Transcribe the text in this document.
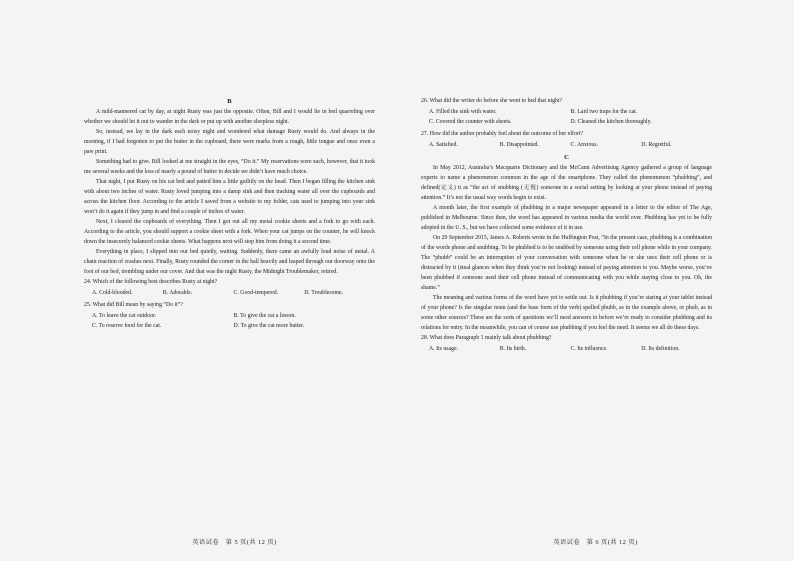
B

A mild-mannered cat by day, at night Rusty was just the opposite. Often, Bill and I would lie in bed quarreling over whether we should let it out to wander in the dark or put up with another sleepless night.

So, instead, we lay in the dark each noisy night and wondered what damage Rusty would do. And always in the morning, if I had forgotten to put the butter in the cupboard, there were marks from a rough, little tongue and once even a paw print.

Something had to give. Bill looked at me straight in the eyes, “Do it.” My reservations were such, however, that it took me several weeks and the loss of nearly a pound of butter to decide we didn’t have much choice.

That night, I put Rusty on his cat bed and patted him a little guiltily on the head. Then I began filling the kitchen sink with about two inches of water. Rusty loved jumping into a damp sink and then tracking water all over the cupboards and across the kitchen floor. According to the article I saved from a website to my folder, cats used to jumping into your sink won’t do it again if they jump in and find a couple of inches of water.

Next, I cleared the cupboards of everything. Then I got out all my metal cookie sheets and a fork to go with each. According to the article, you should support a cookie sheet with a fork. When your cat jumps on the counter, he will knock down the insecurely balanced cookie sheets. What happens next will stop him from doing it a second time.

Everything in place, I slipped into our bed quietly, waiting. Suddenly, there came an awfully loud noise of metal. A chain reaction of crashes next. Finally, Rusty rounded the corner in the hall heavily and leaped through our doorway onto the foot of our bed, trembling under our cover. And that was the night Rusty, the Midnight Troublemaker, retired.

24. Which of the following best describes Rusty at night?

A. Cold-blooded.	B. Adorable.	C. Good-tempered.	D. Troublesome.

25. What did Bill mean by saying “Do it”?

A. To leave the cat outdoor.	B. To give the cat a lesson.
C. To reserve food for the cat.	D. To give the cat more butter.
英语试卷　第 5 页(共 12 页)

26. What did the writer do before she went to bed that night?

A. Filled the sink with water.	B. Laid two traps for the cat.
C. Covered the counter with sheets.	D. Cleaned the kitchen thoroughly.

27. How did the author probably feel about the outcome of her effort?

A. Satisfied.	B. Disappointed.	C. Anxious.	D. Regretful.

C

In May 2012, Australia’s Macquarie Dictionary and the McCann Advertising Agency gathered a group of language experts to name a phenomenon common in the age of the smartphone. They called the phenomenon “phubbing”, and defined(定义) it as “the act of snubbing (无视) someone in a social setting by looking at your phone instead of paying attention.” It’s not the usual way words begin to exist.

A month later, the first example of phubbing in a major newspaper appeared in a letter to the editor of The Age, published in Melbourne. Since then, the word has appeared in various media the world over. Phubbing has yet to be fully adopted in the U. S., but we have collected some evidence of it in use.

On 29 September 2015, James A. Roberts wrote in the Huffington Post, “In the present case, phubbing is a combination of the words phone and snubbing. To be phubbed is to be snubbed by someone using their cell phone while in your company. The “phubb” could be an interruption of your conversation with someone when he or she uses their cell phone or is distracted by it (steal glances when they think you’re not looking) instead of paying attention to you. Maybe worse, you’ve been phubbed if someone used their cell phone instead of communicating with you while staying close to you. Oh, the shame.”

The meaning and various forms of the word have yet to settle out. Is it phubbing if you’re staring at your tablet instead of your phone? Is the singular noun (and the base form of the verb) spelled phubb, as in the example above, or phub, as in some other sources? These are the sorts of questions we’ll need answers to before we’re ready to consider phubbing and its relations for entry. In the meanwhile, you can of course use phubbing if you feel the need. It seems we all do these days.

28. What does Paragraph 1 mainly talk about phubbing?

A. Its usage.	B. Its birth.	C. Its influence.	D. Its definition.
英语试卷　第 6 页(共 12 页)
